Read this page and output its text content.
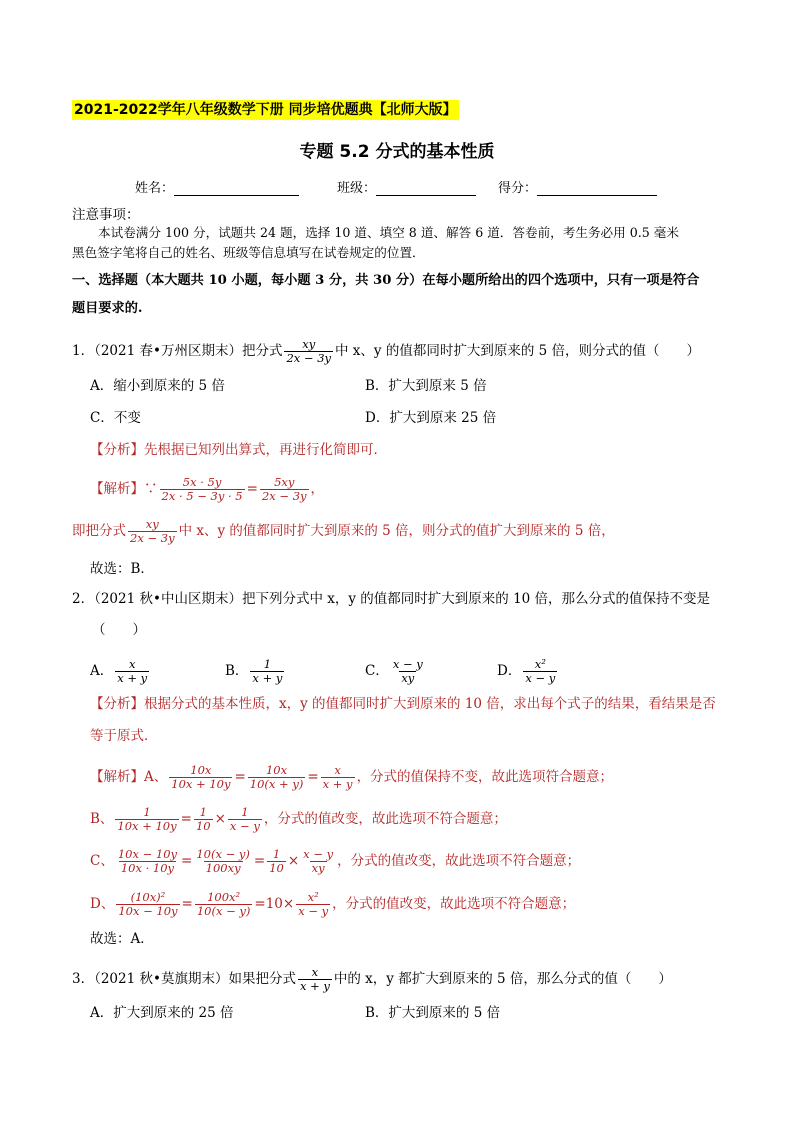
2021-2022学年八年级数学下册 同步培优题典【北师大版】
专题 5.2 分式的基本性质
姓名：	班级：	得分：
注意事项：
本试卷满分 100 分，试题共 24 题，选择 10 道、填空 8 道、解答 6 道．答卷前，考生务必用 0.5 毫米
黑色签字笔将自己的姓名、班级等信息填写在试卷规定的位置．
一、选择题（本大题共 10 小题，每小题 3 分，共 30 分）在每小题所给出的四个选项中，只有一项是符合
题目要求的.
1．（2021 春•万州区期末）把分式 $\frac{xy}{2x - 3y}$ 中 x、y 的值都同时扩大到原来的 5 倍，则分式的值（　　）
A．缩小到原来的 5 倍	B．扩大到原来 5 倍
C．不变	D．扩大到原来 25 倍
【分析】先根据已知列出算式，再进行化简即可．
【解析】∵ $\frac{5x \cdot 5y}{2x \cdot 5 - 3y \cdot 5} = \frac{5xy}{2x - 3y}$ ，
即把分式 $\frac{xy}{2x - 3y}$ 中 x、y 的值都同时扩大到原来的 5 倍，则分式的值扩大到原来的 5 倍，
故选：B．
2．（2021 秋•中山区期末）把下列分式中 x，y 的值都同时扩大到原来的 10 倍，那么分式的值保持不变是
（　　）
A． $\frac{x}{x + y}$	B． $\frac{1}{x + y}$	C． $\frac{x - y}{xy}$	D． $\frac{\text{x²}}{x - y}$
【分析】根据分式的基本性质，x，y 的值都同时扩大到原来的 10 倍，求出每个式子的结果，看结果是否
等于原式．
【解析】A、 $\frac{10x}{10x + 10y} = \frac{10x}{10(x + y)} = \frac{x}{x + y}$ ，分式的值保持不变，故此选项符合题意；
B、 $\frac{1}{10x + 10y} = \frac{1}{10} \times \frac{1}{x - y}$ ，分式的值改变，故此选项不符合题意；
C、 $\frac{10x - 10y}{10x \cdot 10y} = \frac{10(x - y)}{100xy} = \frac{1}{10} \times \frac{x - y}{xy}$ ，分式的值改变，故此选项不符合题意；
D、 $\frac{\text{(10x)²}}{10x - 10y} = \frac{\text{100x²}}{10(x - y)} =10\times \frac{\text{x²}}{x - y}$ ，分式的值改变，故此选项不符合题意；
故选：A．
3．（2021 秋•莫旗期末）如果把分式 $\frac{x}{x + y}$ 中的 x，y 都扩大到原来的 5 倍，那么分式的值（　　）
A．扩大到原来的 25 倍	B．扩大到原来的 5 倍
